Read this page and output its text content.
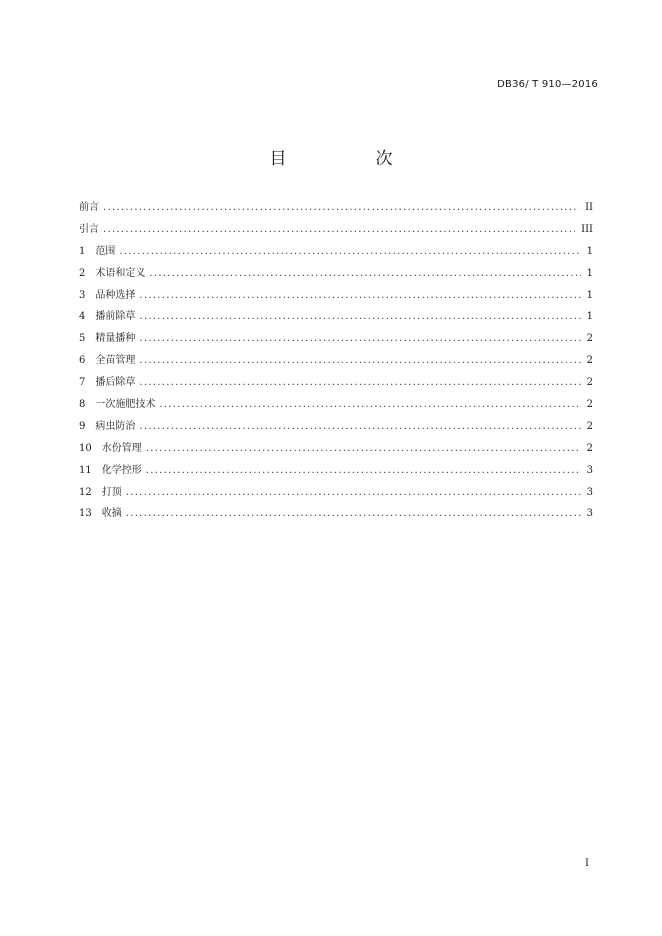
DB36/ T 910—2016
目　次
前言 .....	II
引言 .....	III
1　范围 .....	1
2　术语和定义 .....	1
3　品种选择 .....	1
4　播前除草 .....	1
5　精量播种 .....	2
6　全苗管理 .....	2
7　播后除草 .....	2
8　一次施肥技术 .....	2
9　病虫防治 .....	2
10　水份管理 .....	2
11　化学控形 .....	3
12　打顶 .....	3
13　收摘 .....	3
I
